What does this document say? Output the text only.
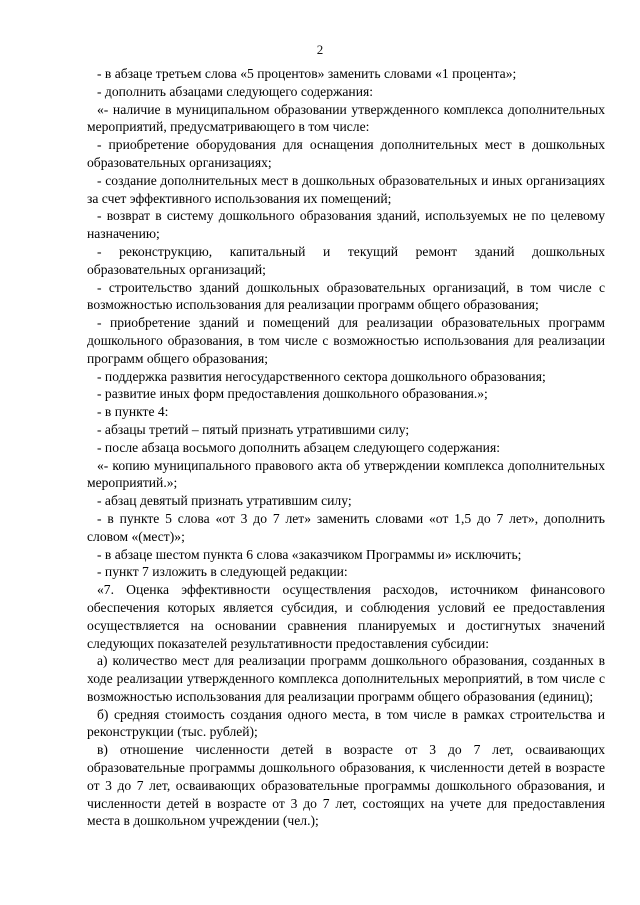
2

- в абзаце третьем слова «5 процентов» заменить словами «1 процента»;

- дополнить абзацами следующего содержания:

«- наличие в муниципальном образовании утвержденного комплекса дополнительных мероприятий, предусматривающего в том числе:

- приобретение оборудования для оснащения дополнительных мест в дошкольных образовательных организациях;

- создание дополнительных мест в дошкольных образовательных и иных организациях за счет эффективного использования их помещений;

- возврат в систему дошкольного образования зданий, используемых не по целевому назначению;

- реконструкцию, капитальный и текущий ремонт зданий дошкольных образовательных организаций;

- строительство зданий дошкольных образовательных организаций, в том числе с возможностью использования для реализации программ общего образования;

- приобретение зданий и помещений для реализации образовательных программ дошкольного образования, в том числе с возможностью использования для реализации программ общего образования;

- поддержка развития негосударственного сектора дошкольного образования;

- развитие иных форм предоставления дошкольного образования.»;

- в пункте 4:

- абзацы третий – пятый признать утратившими силу;

- после абзаца восьмого дополнить абзацем следующего содержания:

«- копию муниципального правового акта об утверждении комплекса дополнительных мероприятий.»;

- абзац девятый признать утратившим силу;

- в пункте 5 слова «от 3 до 7 лет» заменить словами «от 1,5 до 7 лет», дополнить словом «(мест)»;

- в абзаце шестом пункта 6 слова «заказчиком Программы и» исключить;

- пункт 7 изложить в следующей редакции:

«7. Оценка эффективности осуществления расходов, источником финансового обеспечения которых является субсидия, и соблюдения условий ее предоставления осуществляется на основании сравнения планируемых и достигнутых значений следующих показателей результативности предоставления субсидии:

а) количество мест для реализации программ дошкольного образования, созданных в ходе реализации утвержденного комплекса дополнительных мероприятий, в том числе с возможностью использования для реализации программ общего образования (единиц);

б) средняя стоимость создания одного места, в том числе в рамках строительства и реконструкции (тыс. рублей);

в) отношение численности детей в возрасте от 3 до 7 лет, осваивающих образовательные программы дошкольного образования, к численности детей в возрасте от 3 до 7 лет, осваивающих образовательные программы дошкольного образования, и численности детей в возрасте от 3 до 7 лет, состоящих на учете для предоставления места в дошкольном учреждении (чел.);
